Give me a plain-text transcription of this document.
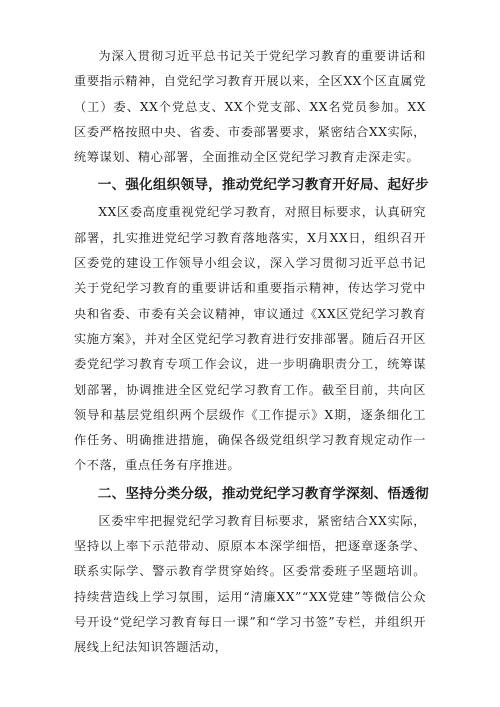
为深入贯彻习近平总书记关于党纪学习教育的重要讲话和重要指示精神，自党纪学习教育开展以来，全区XX个区直属党（工）委、XX个党总支、XX个党支部、XX名党员参加。XX区委严格按照中央、省委、市委部署要求，紧密结合XX实际，统筹谋划、精心部署，全面推动全区党纪学习教育走深走实。

一、强化组织领导，推动党纪学习教育开好局、起好步

XX区委高度重视党纪学习教育，对照目标要求，认真研究部署，扎实推进党纪学习教育落地落实，X月XX日，组织召开区委党的建设工作领导小组会议，深入学习贯彻习近平总书记关于党纪学习教育的重要讲话和重要指示精神，传达学习党中央和省委、市委有关会议精神，审议通过《XX区党纪学习教育实施方案》，并对全区党纪学习教育进行安排部署。随后召开区委党纪学习教育专项工作会议，进一步明确职责分工，统筹谋划部署，协调推进全区党纪学习教育工作。截至目前，共向区领导和基层党组织两个层级作《工作提示》X期，逐条细化工作任务、明确推进措施，确保各级党组织学习教育规定动作一个不落，重点任务有序推进。

二、坚持分类分级，推动党纪学习教育学深刻、悟透彻

区委牢牢把握党纪学习教育目标要求，紧密结合XX实际，坚持以上率下示范带动、原原本本深学细悟，把逐章逐条学、联系实际学、警示教育学贯穿始终。区委常委班子坚题培训。持续营造线上学习氛围，运用“清廉XX”“XX党建”等微信公众号开设“党纪学习教育每日一课”和“学习书签”专栏，并组织开展线上纪法知识答题活动，
